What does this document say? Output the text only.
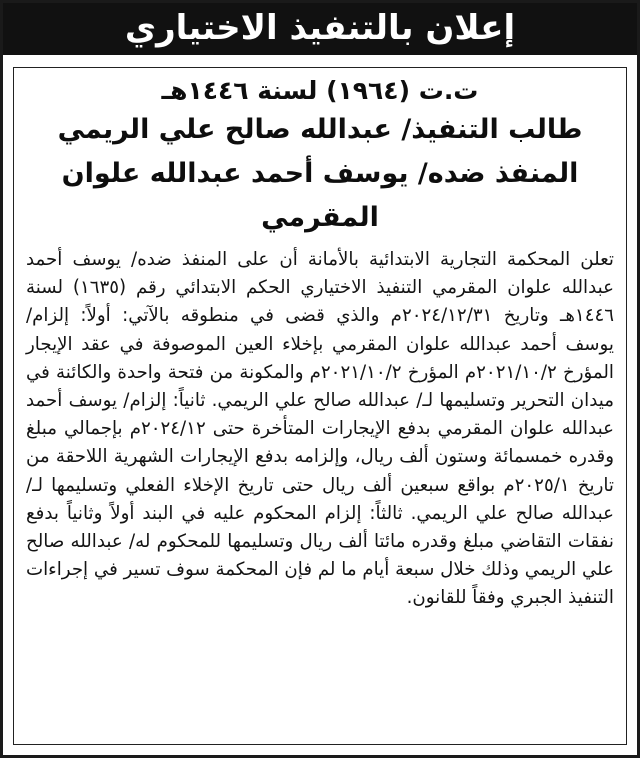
إعلان بالتنفيذ الاختياري
ت.ت (١٩٦٤) لسنة ١٤٤٦هـ
طالب التنفيذ/ عبدالله صالح علي الريمي
المنفذ ضده/ يوسف أحمد عبدالله علوان المقرمي
تعلن المحكمة التجارية الابتدائية بالأمانة أن على المنفذ ضده/ يوسف أحمد عبدالله علوان المقرمي التنفيذ الاختياري الحكم الابتدائي رقم (١٦٣٥) لسنة ١٤٤٦هـ وتاريخ ٢٠٢٤/١٢/٣١م والذي قضى في منطوقه بالآتي: أولاً: إلزام/ يوسف أحمد عبدالله علوان المقرمي بإخلاء العين الموصوفة في عقد الإيجار المؤرخ ٢٠٢١/١٠/٢م المؤرخ ٢٠٢١/١٠/٢م والمكونة من فتحة واحدة والكائنة في ميدان التحرير وتسليمها لـ/ عبدالله صالح علي الريمي. ثانياً: إلزام/ يوسف أحمد عبدالله علوان المقرمي بدفع الإيجارات المتأخرة حتى ٢٠٢٤/١٢م بإجمالي مبلغ وقدره خمسمائة وستون ألف ريال، وإلزامه بدفع الإيجارات الشهرية اللاحقة من تاريخ ٢٠٢٥/١م بواقع سبعين ألف ريال حتى تاريخ الإخلاء الفعلي وتسليمها لـ/ عبدالله صالح علي الريمي. ثالثاً: إلزام المحكوم عليه في البند أولاً وثانياً بدفع نفقات التقاضي مبلغ وقدره مائتا ألف ريال وتسليمها للمحكوم له/ عبدالله صالح علي الريمي وذلك خلال سبعة أيام ما لم فإن المحكمة سوف تسير في إجراءات التنفيذ الجبري وفقاً للقانون.
